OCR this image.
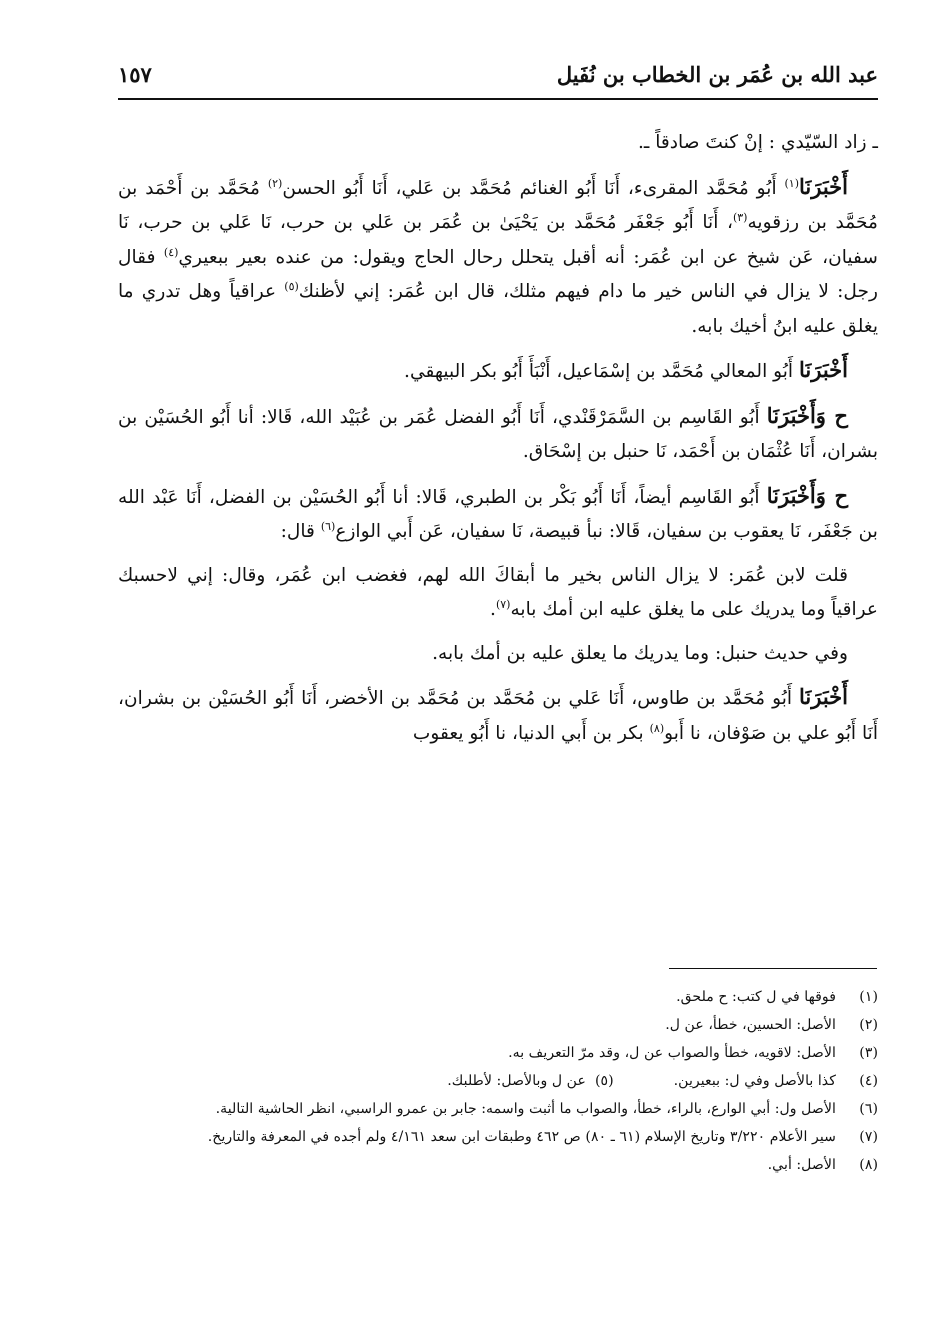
عبد الله بن عُمَر بن الخطاب بن نُفَيل
١٥٧

ـ زاد السّيّدي : إنْ كنتَ صادقاً ـ.

أَخْبَرَنَا$^{(١)}$ أَبُو مُحَمَّد المقرىء، أَنَا أَبُو الغنائم مُحَمَّد بن عَلي، أَنَا أَبُو الحسن$^{(٢)}$ مُحَمَّد بن أَحْمَد بن مُحَمَّد بن رزقويه$^{(٣)}$، أَنَا أَبُو جَعْفَر مُحَمَّد بن يَحْيَىٰ بن عُمَر بن عَلي بن حرب، نَا عَلي بن حرب، نَا سفيان، عَن شيخ عن ابن عُمَر: أنه أقبل يتحلل رحال الحاج ويقول: من عنده بعير ببعيري$^{(٤)}$ فقال رجل: لا يزال في الناس خير ما دام فيهم مثلك، قال ابن عُمَر: إني لأظنك$^{(٥)}$ عراقياً وهل تدري ما يغلق عليه ابنُ أخيك بابه.

أَخْبَرَنَا أَبُو المعالي مُحَمَّد بن إسْمَاعيل، أَنْبَأَ أَبُو بكر البيهقي.

ح وَأَخْبَرَنَا أَبُو القَاسِم بن السَّمَرْقَنْدي، أَنَا أَبُو الفضل عُمَر بن عُبَيْد الله، قَالا: أنا أَبُو الحُسَيْن بن بشران، أَنَا عُثْمَان بن أَحْمَد، نَا حنبل بن إسْحَاق.

ح وَأَخْبَرَنَا أَبُو القَاسِم أيضاً، أَنَا أَبُو بَكْر بن الطبري، قَالا: أنا أَبُو الحُسَيْن بن الفضل، أَنَا عَبْد الله بن جَعْفَر، نَا يعقوب بن سفيان، قَالا: نبأ قبيصة، نَا سفيان، عَن أَبي الوازع$^{(٦)}$ قال:

قلت لابن عُمَر: لا يزال الناس بخير ما أبقاكَ الله لهم، فغضب ابن عُمَر، وقال: إني لاحسبك عراقياً وما يدريك على ما يغلق عليه ابن أمك بابه$^{(٧)}$.

وفي حديث حنبل: وما يدريك ما يعلق عليه بن أمك بابه.

أَخْبَرَنَا أَبُو مُحَمَّد بن طاوس، أَنَا عَلي بن مُحَمَّد بن مُحَمَّد بن الأخضر، أَنَا أَبُو الحُسَيْن بن بشران، أَنَا أَبُو علي بن صَوْفان، نا أَبو$^{(٨)}$ بكر بن أَبي الدنيا، نا أَبُو يعقوب

(١)
فوقها في ل كتب: ح ملحق.
(٢)
الأصل: الحسين، خطأ، عن ل.
(٣)
الأصل: لاقويه، خطأ والصواب عن ل، وقد مرّ التعريف به.
(٤)
كذا بالأصل وفي ل: ببعيرين.(٥)  عن ل وبالأصل: لأطلبك.
(٦)
الأصل ول: أبي الوارع، بالراء، خطأ، والصواب ما أثبت واسمه: جابر بن عمرو الراسبي، انظر الحاشية التالية.
(٧)
سير الأعلام ٣/٢٢٠ وتاريخ الإسلام (٦١ ـ ٨٠) ص ٤٦٢ وطبقات ابن سعد ٤/١٦١ ولم أجده في المعرفة والتاريخ.
(٨)
الأصل: أبي.
